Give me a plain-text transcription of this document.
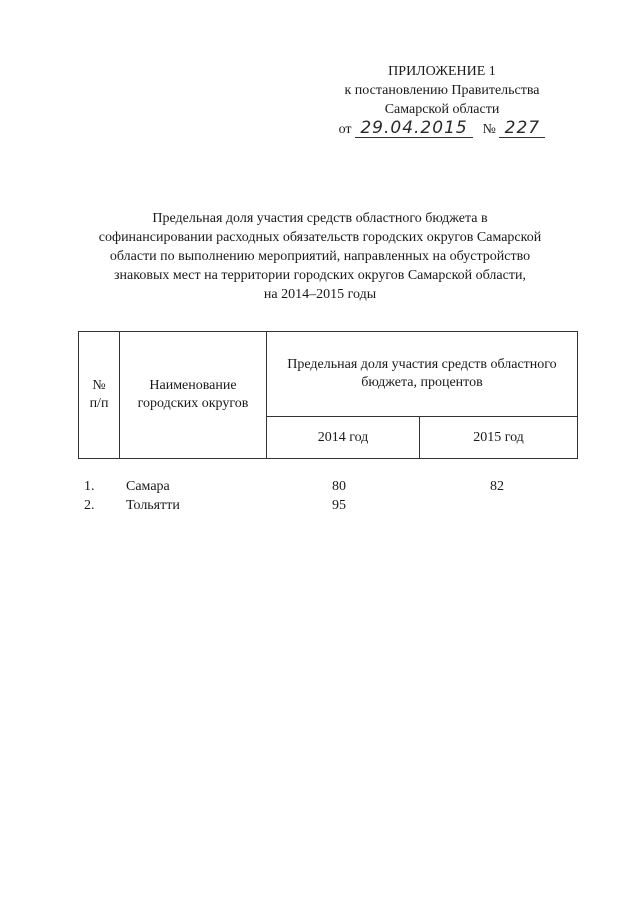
ПРИЛОЖЕНИЕ 1
к постановлению Правительства
Самарской области
от 29.04.2015 № 227
Предельная доля участия средств областного бюджета в
софинансировании расходных обязательств городских округов Самарской
области по выполнению мероприятий, направленных на обустройство
знаковых мест на территории городских округов Самарской области,
на 2014–2015 годы
№
п/п
Наименование
городских округов
Предельная доля участия средств областного
бюджета, процентов
2014 год	2015 год
1. Самара	80	82
2. Тольятти	95
